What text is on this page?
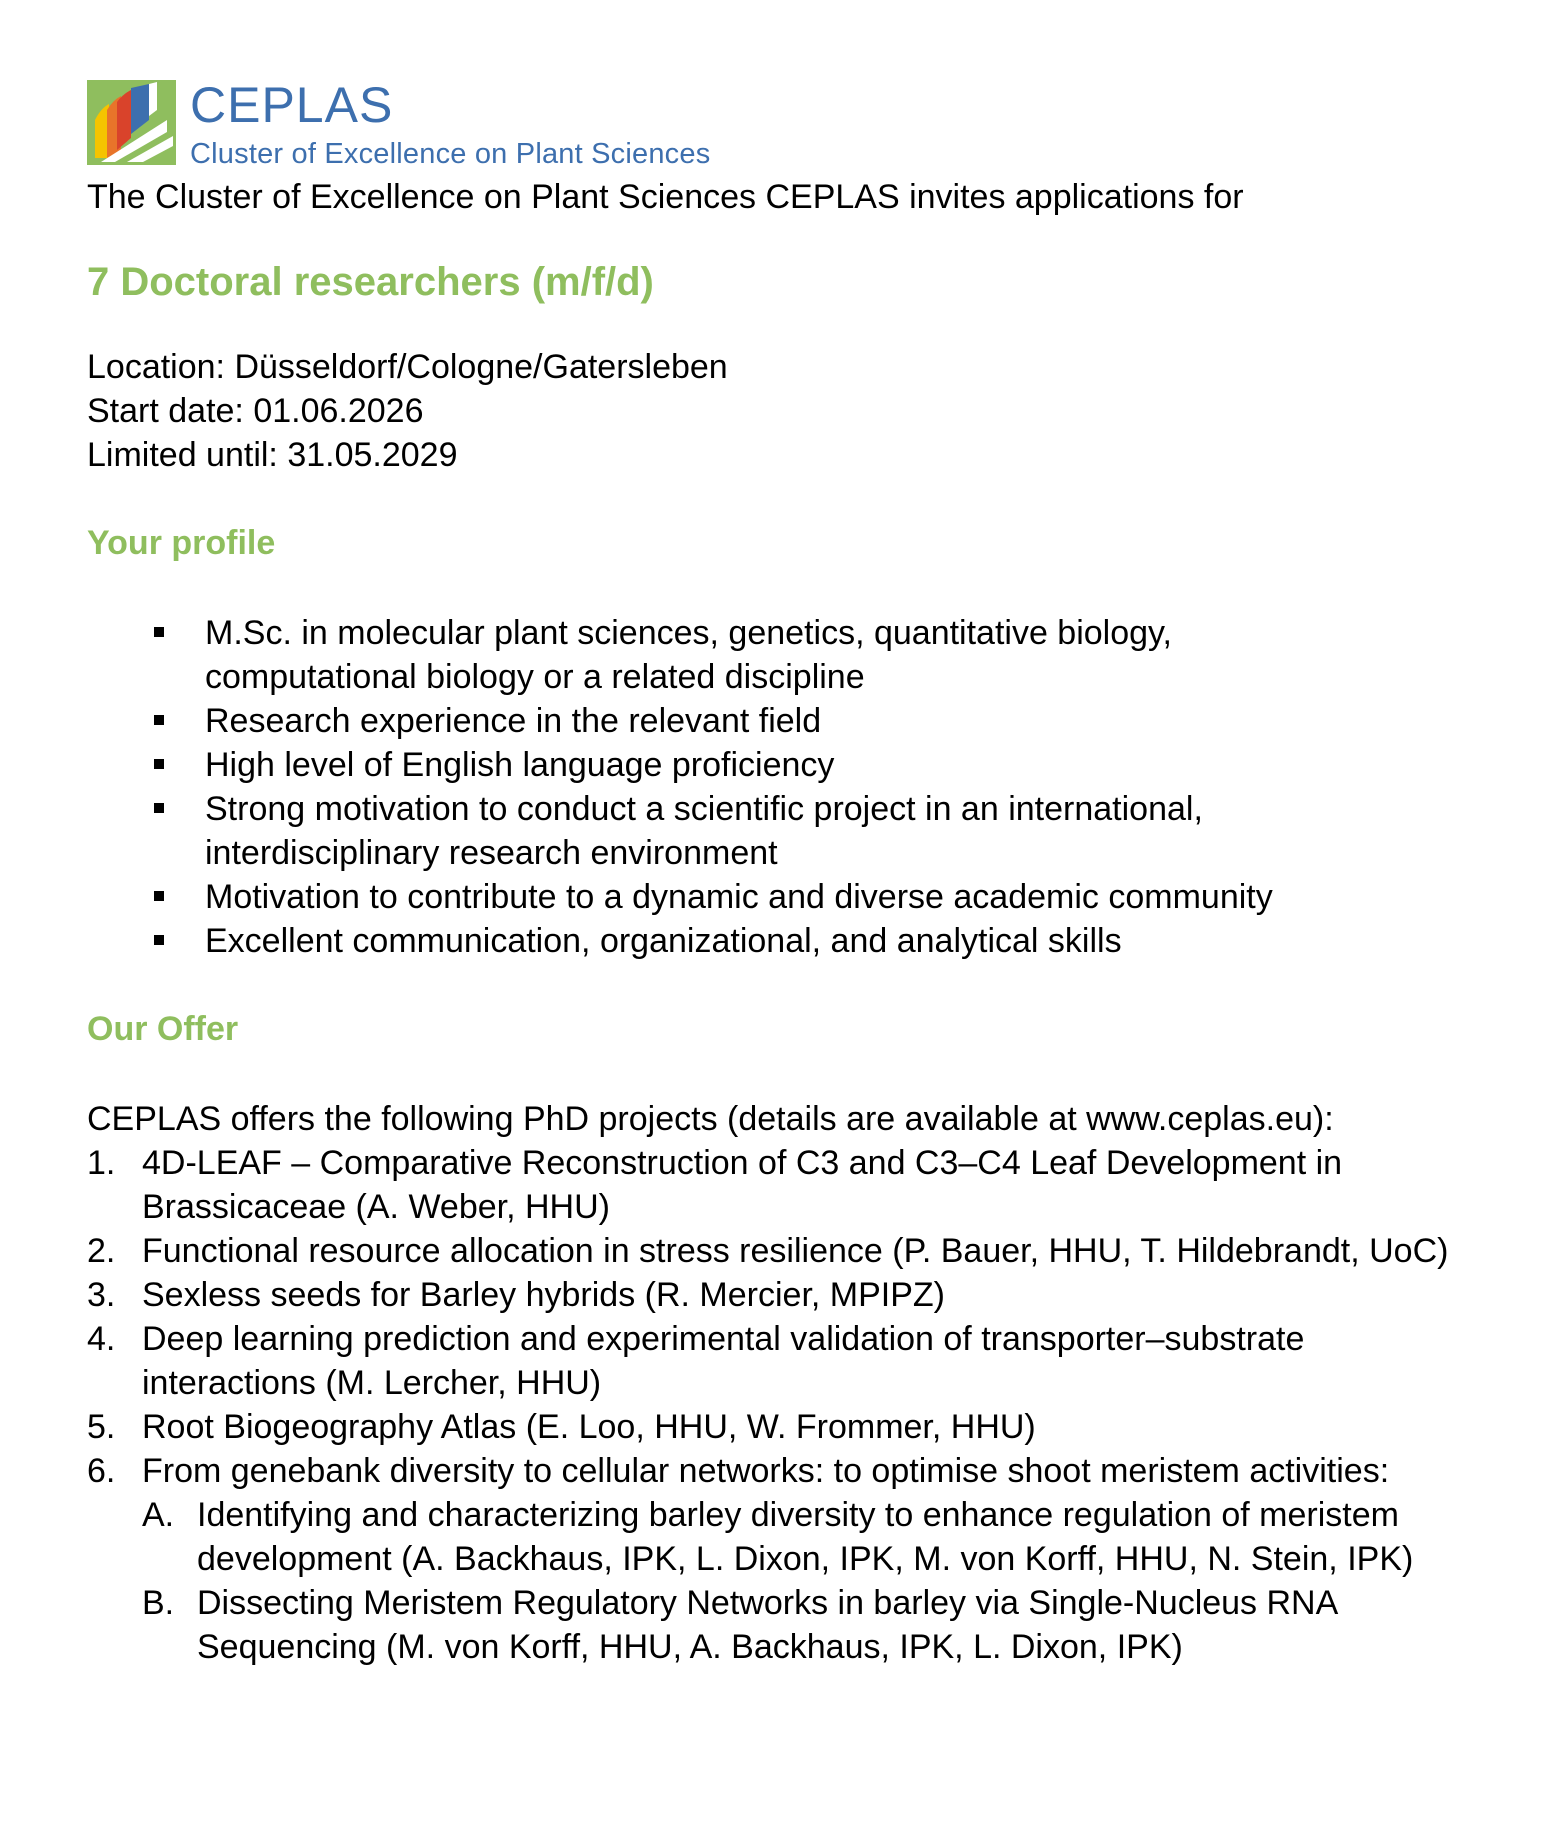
CEPLAS
Cluster of Excellence on Plant Sciences
The Cluster of Excellence on Plant Sciences CEPLAS invites applications for
7 Doctoral researchers (m/f/d)
Location: Düsseldorf/Cologne/Gatersleben
Start date: 01.06.2026
Limited until: 31.05.2029
Your profile
M.Sc. in molecular plant sciences, genetics, quantitative biology, computational biology or a related discipline
Research experience in the relevant field
High level of English language proficiency
Strong motivation to conduct a scientific project in an international, interdisciplinary research environment
Motivation to contribute to a dynamic and diverse academic community
Excellent communication, organizational, and analytical skills
Our Offer
CEPLAS offers the following PhD projects (details are available at www.ceplas.eu):
1. 4D-LEAF – Comparative Reconstruction of C3 and C3–C4 Leaf Development in Brassicaceae (A. Weber, HHU)
2. Functional resource allocation in stress resilience (P. Bauer, HHU, T. Hildebrandt, UoC)
3. Sexless seeds for Barley hybrids (R. Mercier, MPIPZ)
4. Deep learning prediction and experimental validation of transporter–substrate interactions (M. Lercher, HHU)
5. Root Biogeography Atlas (E. Loo, HHU, W. Frommer, HHU)
6. From genebank diversity to cellular networks: to optimise shoot meristem activities:
A. Identifying and characterizing barley diversity to enhance regulation of meristem development (A. Backhaus, IPK, L. Dixon, IPK, M. von Korff, HHU, N. Stein, IPK)
B. Dissecting Meristem Regulatory Networks in barley via Single-Nucleus RNA Sequencing (M. von Korff, HHU, A. Backhaus, IPK, L. Dixon, IPK)
